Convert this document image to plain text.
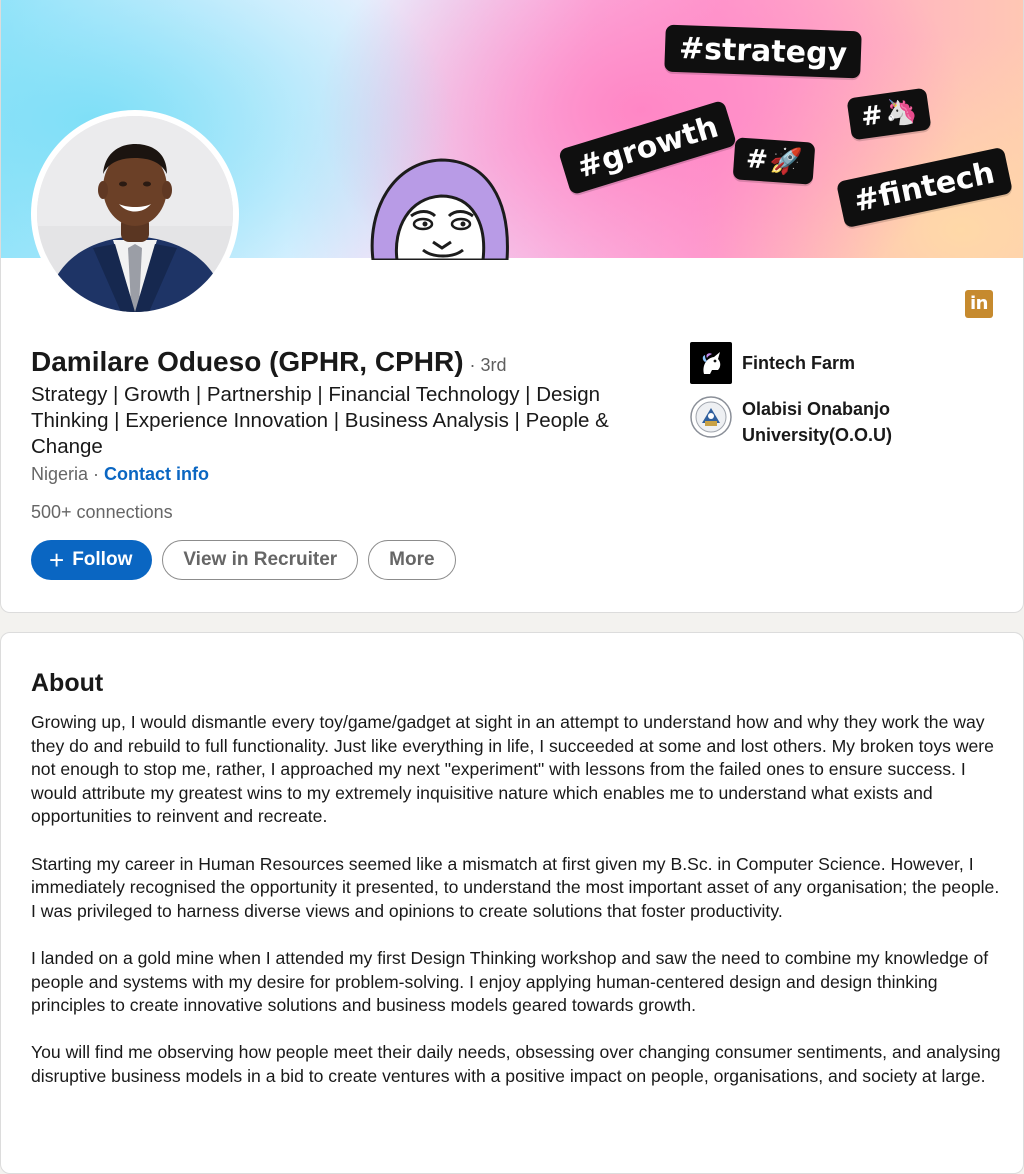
#strategy
#growth #🚀
#🦄
#fintech
in
Damilare Odueso (GPHR, CPHR) · 3rd
Strategy | Growth | Partnership | Financial Technology | Design Thinking | Experience Innovation | Business Analysis | People & Change
Nigeria · Contact info
500+ connections
+ Follow	View in Recruiter	More
Fintech Farm
Olabisi Onabanjo University(O.O.U)
About

Growing up, I would dismantle every toy/game/gadget at sight in an attempt to understand how and why they work the way they do and rebuild to full functionality. Just like everything in life, I succeeded at some and lost others. My broken toys were not enough to stop me, rather, I approached my next "experiment" with lessons from the failed ones to ensure success. I would attribute my greatest wins to my extremely inquisitive nature which enables me to understand what exists and opportunities to reinvent and recreate.

Starting my career in Human Resources seemed like a mismatch at first given my B.Sc. in Computer Science. However, I immediately recognised the opportunity it presented, to understand the most important asset of any organisation; the people. I was privileged to harness diverse views and opinions to create solutions that foster productivity.

I landed on a gold mine when I attended my first Design Thinking workshop and saw the need to combine my knowledge of people and systems with my desire for problem-solving. I enjoy applying human-centered design and design thinking principles to create innovative solutions and business models geared towards growth.

You will find me observing how people meet their daily needs, obsessing over changing consumer sentiments, and analysing disruptive business models in a bid to create ventures with a positive impact on people, organisations, and society at large.
